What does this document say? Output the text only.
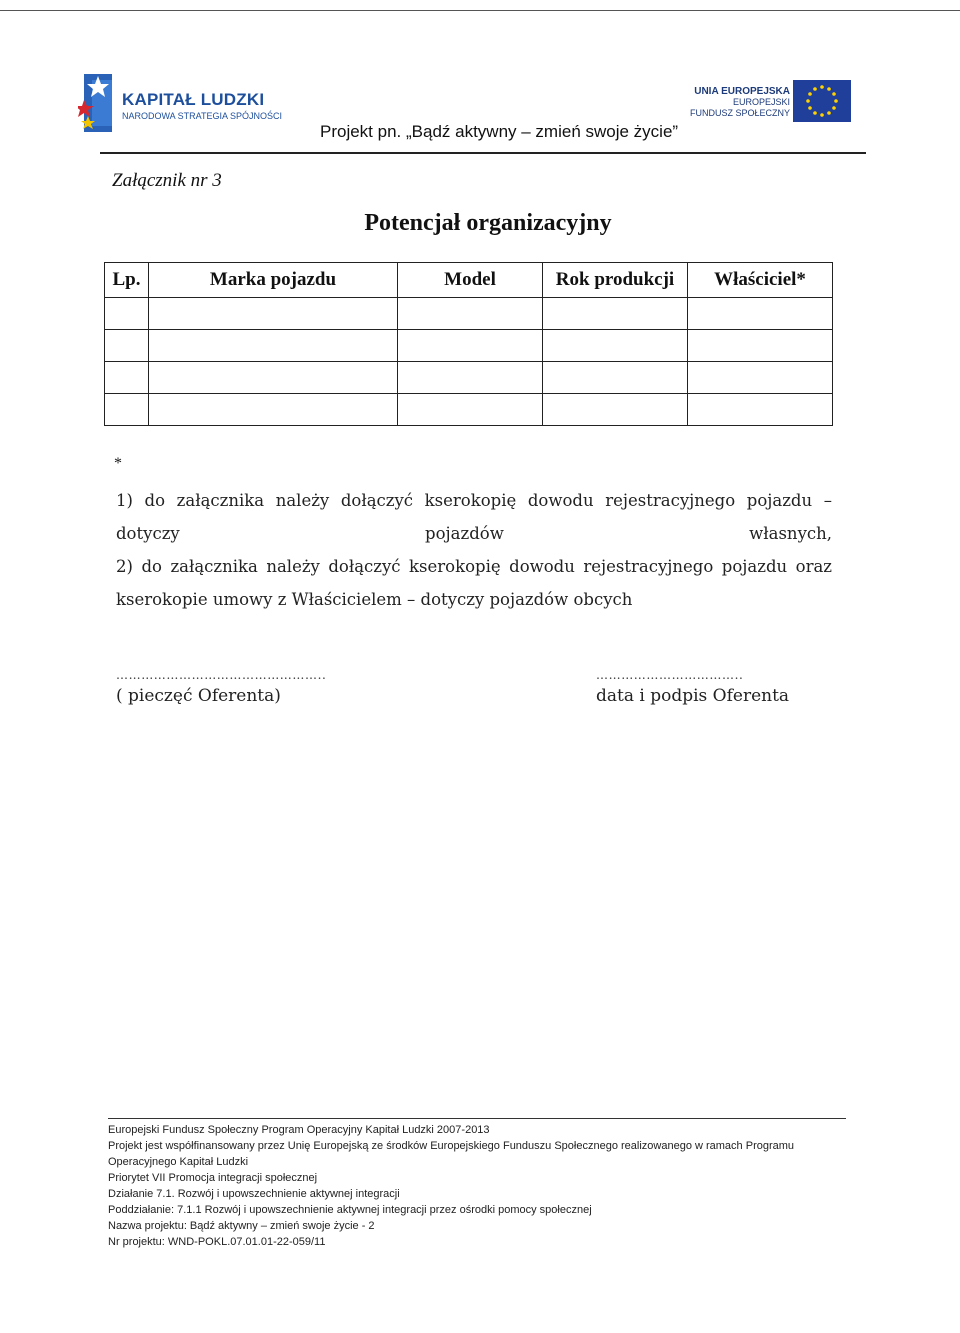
KAPITAŁ LUDZKI
NARODOWA STRATEGIA SPÓJNOŚCI
UNIA EUROPEJSKA
EUROPEJSKI
FUNDUSZ SPOŁECZNY
Projekt pn. „Bądź aktywny – zmień swoje życie”
Załącznik nr 3
Potencjał organizacyjny
Lp.	Marka pojazdu	Model	Rok produkcji	Właściciel*

*
1) do załącznika należy dołączyć kserokopię dowodu rejestracyjnego pojazdu – dotyczy pojazdów własnych,
2) do załącznika należy dołączyć kserokopię dowodu rejestracyjnego pojazdu oraz kserokopie umowy z Właścicielem – dotyczy pojazdów obcych
…………………………………………..
( pieczęć Oferenta)
……………………………..
data i podpis Oferenta
Europejski Fundusz Społeczny Program Operacyjny Kapitał Ludzki 2007-2013
Projekt jest współfinansowany przez Unię Europejską ze środków Europejskiego Funduszu Społecznego realizowanego w ramach Programu Operacyjnego Kapitał Ludzki
Priorytet VII Promocja integracji społecznej
Działanie 7.1. Rozwój i upowszechnienie aktywnej integracji
Poddziałanie: 7.1.1 Rozwój i upowszechnienie aktywnej integracji przez ośrodki pomocy społecznej
Nazwa projektu: Bądź aktywny – zmień swoje życie - 2
Nr projektu: WND-POKL.07.01.01-22-059/11
